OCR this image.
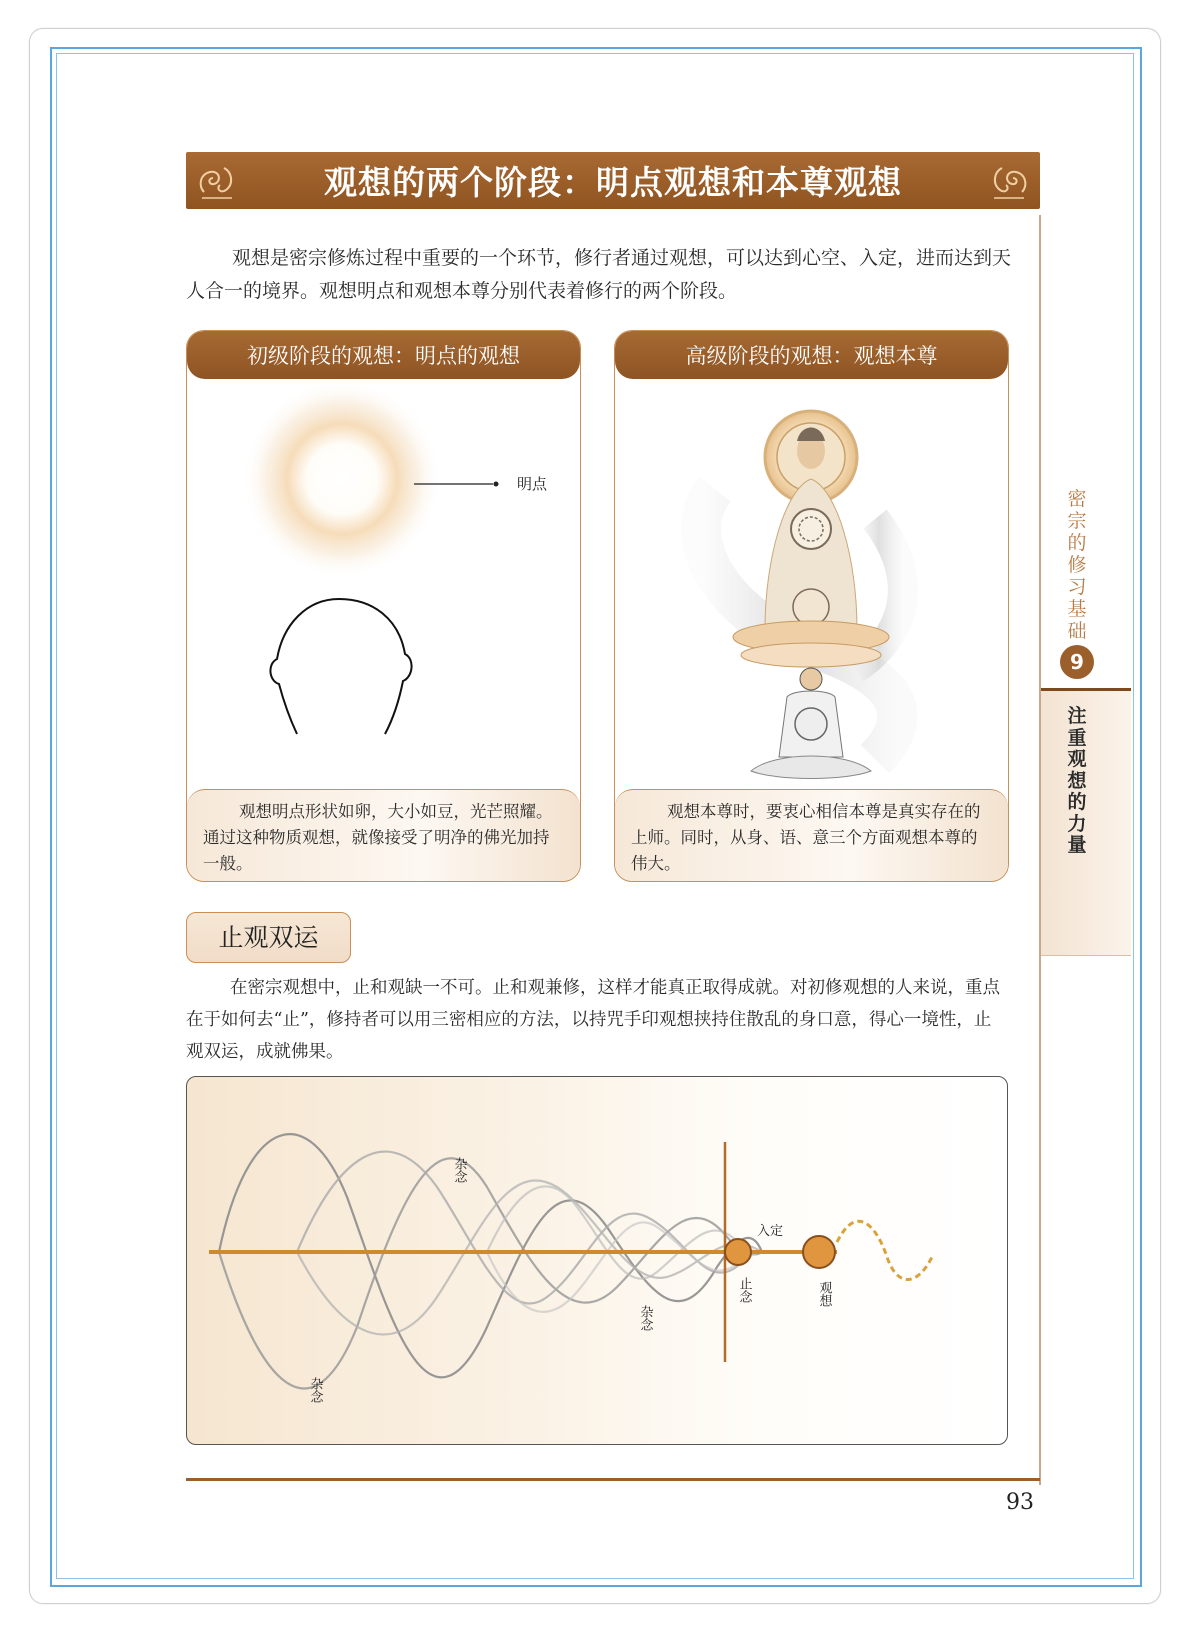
观想的两个阶段：明点观想和本尊观想

观想是密宗修炼过程中重要的一个环节，修行者通过观想，可以达到心空、入定，进而达到天人合一的境界。观想明点和观想本尊分别代表着修行的两个阶段。

初级阶段的观想：明点的观想
明点

观想明点形状如卵，大小如豆，光芒照耀。通过这种物质观想，就像接受了明净的佛光加持一般。

高级阶段的观想：观想本尊

观想本尊时，要衷心相信本尊是真实存在的上师。同时，从身、语、意三个方面观想本尊的伟大。

密宗的修习基础
9
注重观想的力量
止观双运

在密宗观想中，止和观缺一不可。止和观兼修，这样才能真正取得成就。对初修观想的人来说，重点在于如何去“止”，修持者可以用三密相应的方法，以持咒手印观想挟持住散乱的身口意，得心一境性，止观双运，成就佛果。

杂念
杂念
杂念
止念
入定
观想
93
